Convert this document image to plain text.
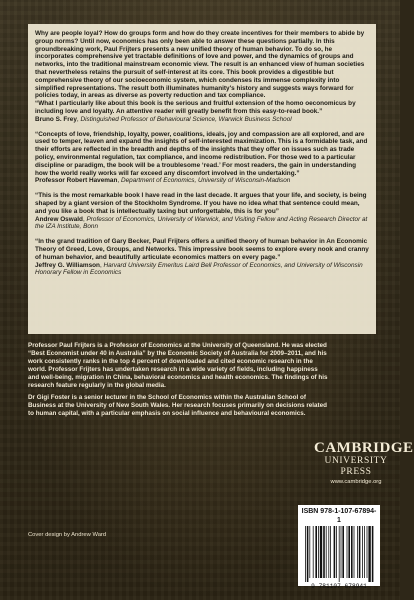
Why are people loyal? How do groups form and how do they create incentives for their members to abide by group norms? Until now, economics has only been able to answer these questions partially. In this groundbreaking work, Paul Frijters presents a new unified theory of human behavior. To do so, he incorporates comprehensive yet tractable definitions of love and power, and the dynamics of groups and networks, into the traditional mainstream economic view. The result is an enhanced view of human societies that nevertheless retains the pursuit of self-interest at its core. This book provides a digestible but comprehensive theory of our socioeconomic system, which condenses its immense complexity into simplified representations. The result both illuminates humanity's history and suggests ways forward for policies today, in areas as diverse as poverty reduction and tax compliance.

“What I particularly like about this book is the serious and fruitful extension of the homo oeconomicus by including love and loyalty. An attentive reader will greatly benefit from this easy-to-read book.”

Bruno S. Frey, Distinguished Professor of Behavioural Science, Warwick Business School

“Concepts of love, friendship, loyalty, power, coalitions, ideals, joy and compassion are all explored, and are used to temper, leaven and expand the insights of self-interested maximization. This is a formidable task, and their efforts are reflected in the breadth and depths of the insights that they offer on issues such as trade policy, environmental regulation, tax compliance, and income redistribution. For those wed to a particular discipline or paradigm, the book will be a troublesome ‘read.’ For most readers, the gain in understanding how the world really works will far exceed any discomfort involved in the undertaking.”

Professor Robert Haveman, Department of Economics, University of Wisconsin-Madison

“This is the most remarkable book I have read in the last decade. It argues that your life, and society, is being shaped by a giant version of the Stockholm Syndrome. If you have no idea what that sentence could mean, and you like a book that is intellectually taxing but unforgettable, this is for you”

Andrew Oswald, Professor of Economics, University of Warwick, and Visiting Fellow and Acting Research Director at the IZA Institute, Bonn

“In the grand tradition of Gary Becker, Paul Frijters offers a unified theory of human behavior in An Economic Theory of Greed, Love, Groups, and Networks. This impressive book seems to explore every nook and cranny of human behavior, and beautifully articulate economics matters on every page.”

Jeffrey G. Williamson, Harvard University Emeritus Laird Bell Professor of Economics, and University of Wisconsin Honorary Fellow in Economics

Professor Paul Frijters is a Professor of Economics at the University of Queensland. He was elected “Best Economist under 40 in Australia” by the Economic Society of Australia for 2009–2011, and his work consistently ranks in the top 4 percent of downloaded and cited economic research in the world. Professor Frijters has undertaken research in a wide variety of fields, including happiness and well-being, migration in China, behavioral economics and health economics. The findings of his research feature regularly in the global media.

Dr Gigi Foster is a senior lecturer in the School of Economics within the Australian School of Business at the University of New South Wales. Her research focuses primarily on decisions related to human capital, with a particular emphasis on social influence and behavioural economics.

CAMBRIDGE
UNIVERSITY PRESS
www.cambridge.org
Cover design by Andrew Ward
ISBN 978-1-107-67894-1
9 781107 678941
